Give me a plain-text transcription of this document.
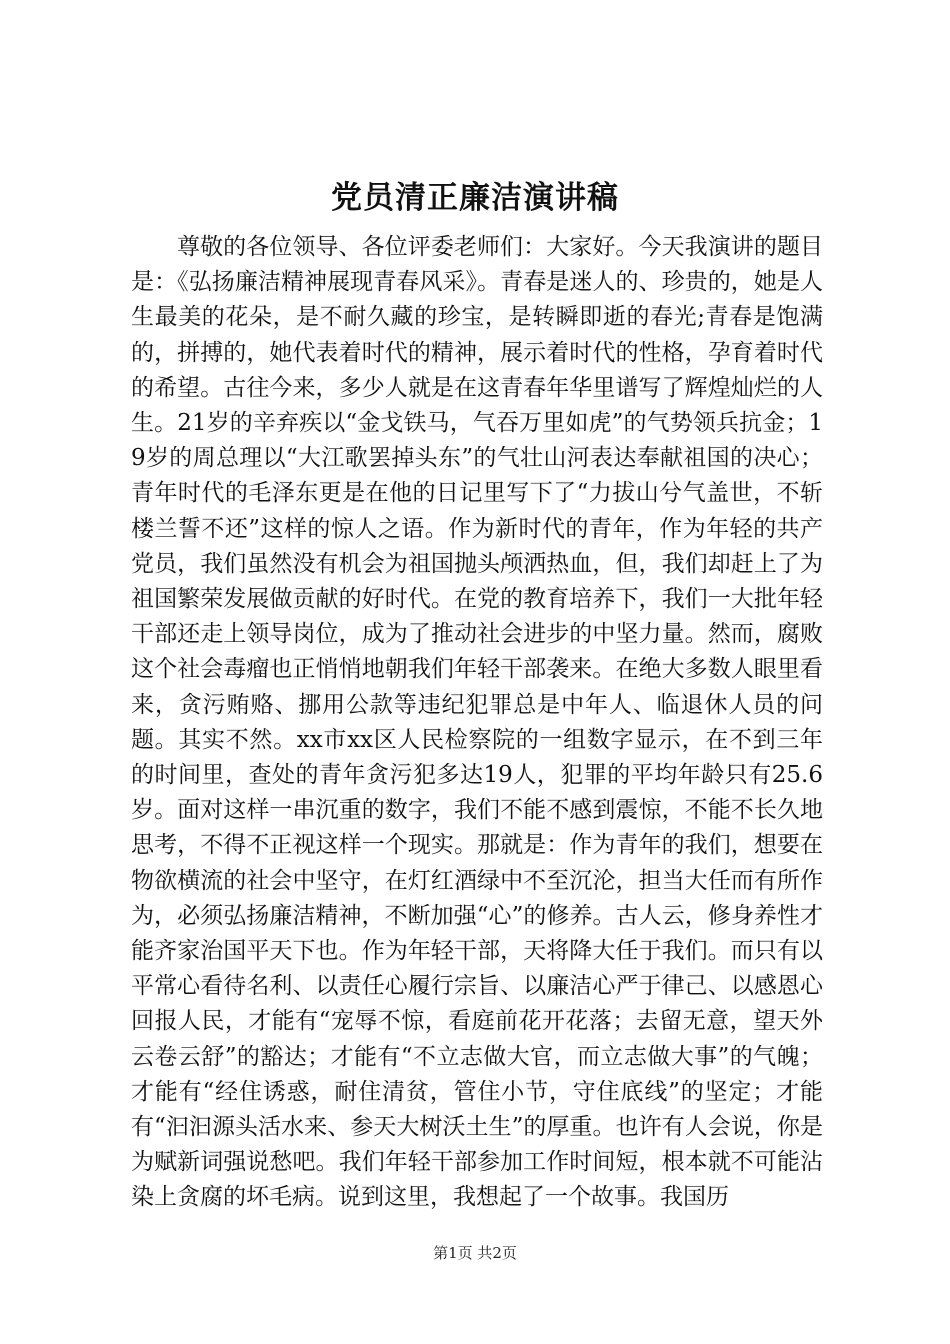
党员清正廉洁演讲稿

尊敬的各位领导、各位评委老师们：大家好。今天我演讲的题目是：《弘扬廉洁精神展现青春风采》。青春是迷人的、珍贵的，她是人生最美的花朵，是不耐久藏的珍宝，是转瞬即逝的春光;青春是饱满的，拼搏的，她代表着时代的精神，展示着时代的性格，孕育着时代的希望。古往今来，多少人就是在这青春年华里谱写了辉煌灿烂的人生。21岁的辛弃疾以“金戈铁马，气吞万里如虎”的气势领兵抗金；19岁的周总理以“大江歌罢掉头东”的气壮山河表达奉献祖国的决心；青年时代的毛泽东更是在他的日记里写下了“力拔山兮气盖世，不斩楼兰誓不还”这样的惊人之语。作为新时代的青年，作为年轻的共产党员，我们虽然没有机会为祖国抛头颅洒热血，但，我们却赶上了为祖国繁荣发展做贡献的好时代。在党的教育培养下，我们一大批年轻干部还走上领导岗位，成为了推动社会进步的中坚力量。然而，腐败这个社会毒瘤也正悄悄地朝我们年轻干部袭来。在绝大多数人眼里看来，贪污贿赂、挪用公款等违纪犯罪总是中年人、临退休人员的问题。其实不然。xx市xx区人民检察院的一组数字显示，在不到三年的时间里，查处的青年贪污犯多达19人，犯罪的平均年龄只有25.6岁。面对这样一串沉重的数字，我们不能不感到震惊，不能不长久地思考，不得不正视这样一个现实。那就是：作为青年的我们，想要在物欲横流的社会中坚守，在灯红酒绿中不至沉沦，担当大任而有所作为，必须弘扬廉洁精神，不断加强“心”的修养。古人云，修身养性才能齐家治国平天下也。作为年轻干部，天将降大任于我们。而只有以平常心看待名利、以责任心履行宗旨、以廉洁心严于律己、以感恩心回报人民，才能有“宠辱不惊，看庭前花开花落；去留无意，望天外云卷云舒”的豁达；才能有“不立志做大官，而立志做大事”的气魄；才能有“经住诱惑，耐住清贫，管住小节，守住底线”的坚定；才能有“汩汩源头活水来、参天大树沃土生”的厚重。也许有人会说，你是为赋新词强说愁吧。我们年轻干部参加工作时间短，根本就不可能沾染上贪腐的坏毛病。说到这里，我想起了一个故事。我国历

第1页 共2页
